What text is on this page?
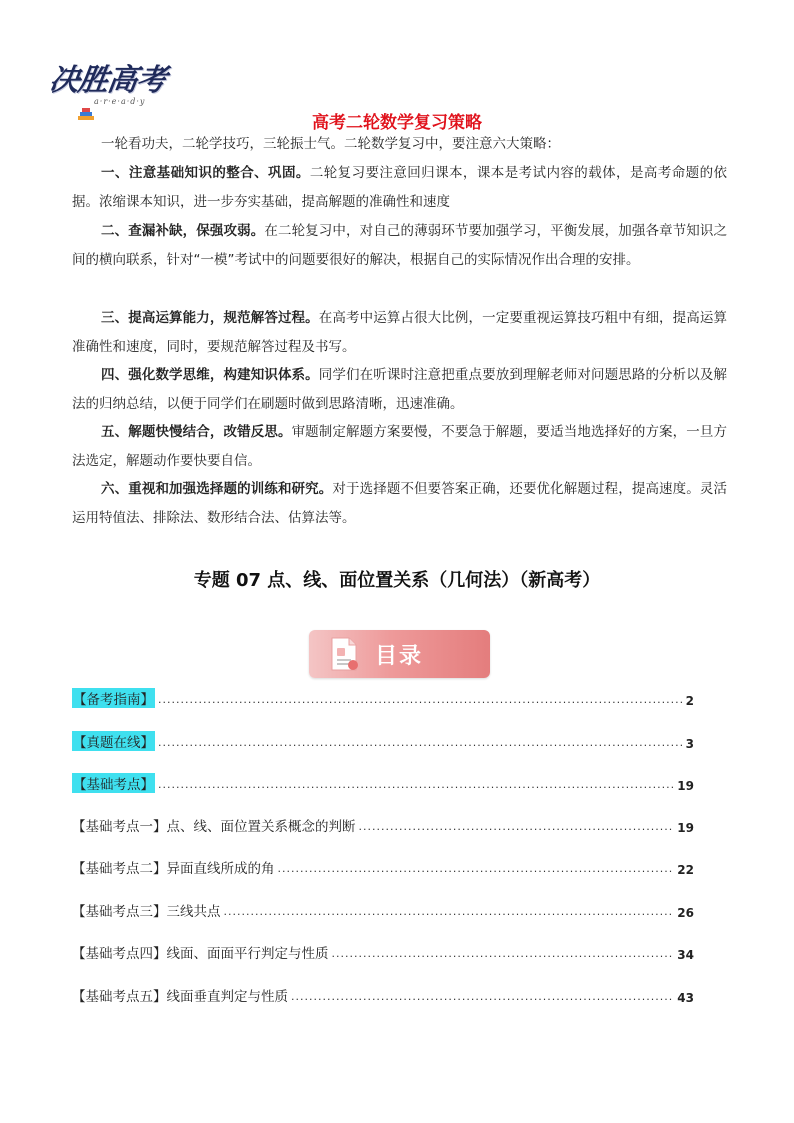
决胜高考
a·r·e·a·d·y
高考二轮数学复习策略
一轮看功夫，二轮学技巧，三轮振士气。二轮数学复习中，要注意六大策略：
一、注意基础知识的整合、巩固。二轮复习要注意回归课本，课本是考试内容的载体，是高考命题的依据。浓缩课本知识，进一步夯实基础，提高解题的准确性和速度
二、查漏补缺，保强攻弱。在二轮复习中，对自己的薄弱环节要加强学习，平衡发展，加强各章节知识之间的横向联系，针对“一模”考试中的问题要很好的解决，根据自己的实际情况作出合理的安排。
三、提高运算能力，规范解答过程。在高考中运算占很大比例，一定要重视运算技巧粗中有细，提高运算准确性和速度，同时，要规范解答过程及书写。
四、强化数学思维，构建知识体系。同学们在听课时注意把重点要放到理解老师对问题思路的分析以及解法的归纳总结，以便于同学们在刷题时做到思路清晰，迅速准确。
五、解题快慢结合，改错反思。审题制定解题方案要慢，不要急于解题，要适当地选择好的方案，一旦方法选定，解题动作要快要自信。
六、重视和加强选择题的训练和研究。对于选择题不但要答案正确，还要优化解题过程，提高速度。灵活运用特值法、排除法、数形结合法、估算法等。
专题 07 点、线、面位置关系（几何法）（新高考）
目录
【备考指南】 .....	2
【真题在线】 .....	3
【基础考点】 .....	19
【基础考点一】点、线、面位置关系概念的判断 .....	19
【基础考点二】异面直线所成的角 .....	22
【基础考点三】三线共点 .....	26
【基础考点四】线面、面面平行判定与性质 .....	34
【基础考点五】线面垂直判定与性质 .....	43
